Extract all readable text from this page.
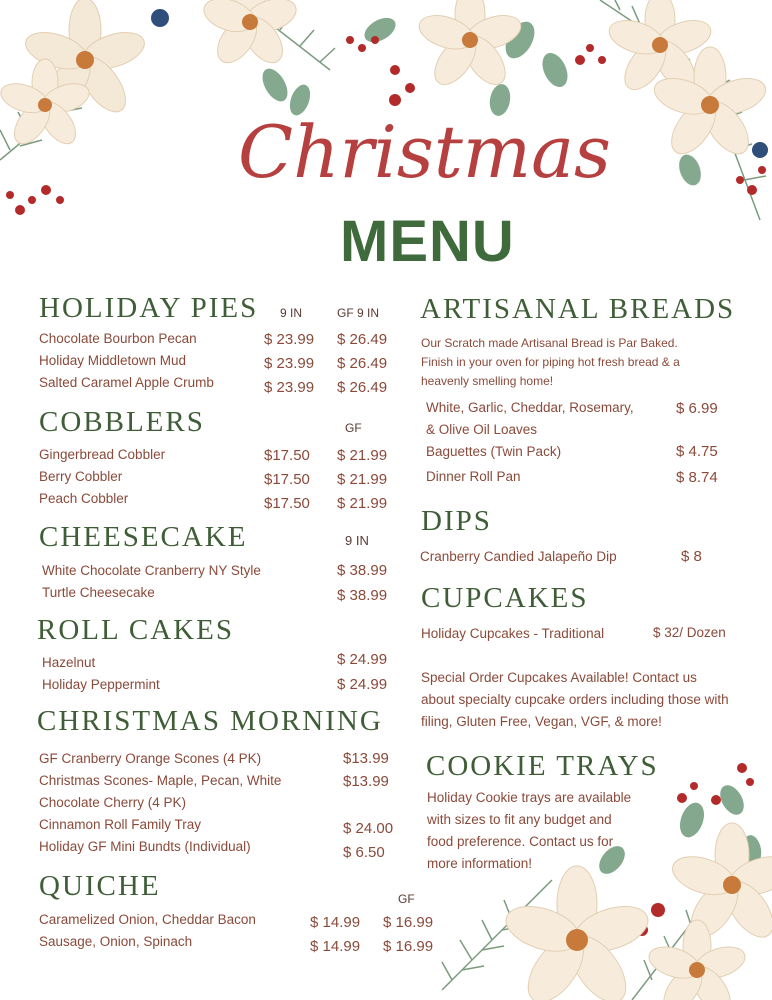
Christmas
MENU
HOLIDAY PIES 9 IN	GF 9 IN
Chocolate Bourbon Pecan	$ 23.99 $ 26.49
Holiday Middletown Mud	$ 23.99 $ 26.49
Salted Caramel Apple Crumb	$ 23.99 $ 26.49
COBBLERS	GF
Gingerbread Cobbler	$17.50 $ 21.99
Berry Cobbler	$17.50 $ 21.99
Peach Cobbler	$17.50 $ 21.99
CHEESECAKE	9 IN
White Chocolate Cranberry NY Style	$ 38.99
Turtle Cheesecake	$ 38.99
ROLL CAKES
Hazelnut	$ 24.99
Holiday Peppermint	$ 24.99
CHRISTMAS MORNING
GF Cranberry Orange Scones (4 PK)	$13.99
Christmas Scones- Maple, Pecan, White	$13.99
Chocolate Cherry (4 PK)
Cinnamon Roll Family Tray	$ 24.00
Holiday GF Mini Bundts (Individual)	$ 6.50
QUICHE	GF
Caramelized Onion, Cheddar Bacon	$ 14.99 $ 16.99
Sausage, Onion, Spinach	$ 14.99 $ 16.99
ARTISANAL BREADS
Our Scratch made Artisanal Bread is Par Baked.
Finish in your oven for piping hot fresh bread & a
heavenly smelling home!
White, Garlic, Cheddar, Rosemary,	$ 6.99
& Olive Oil Loaves
Baguettes (Twin Pack)	$ 4.75
Dinner Roll Pan	$ 8.74
DIPS
Cranberry Candied Jalapeño Dip	$ 8
CUPCAKES
Holiday Cupcakes - Traditional	$ 32/ Dozen
Special Order Cupcakes Available! Contact us
about specialty cupcake orders including those with
filing, Gluten Free, Vegan, VGF, & more!
COOKIE TRAYS
Holiday Cookie trays are available
with sizes to fit any budget and
food preference. Contact us for
more information!
